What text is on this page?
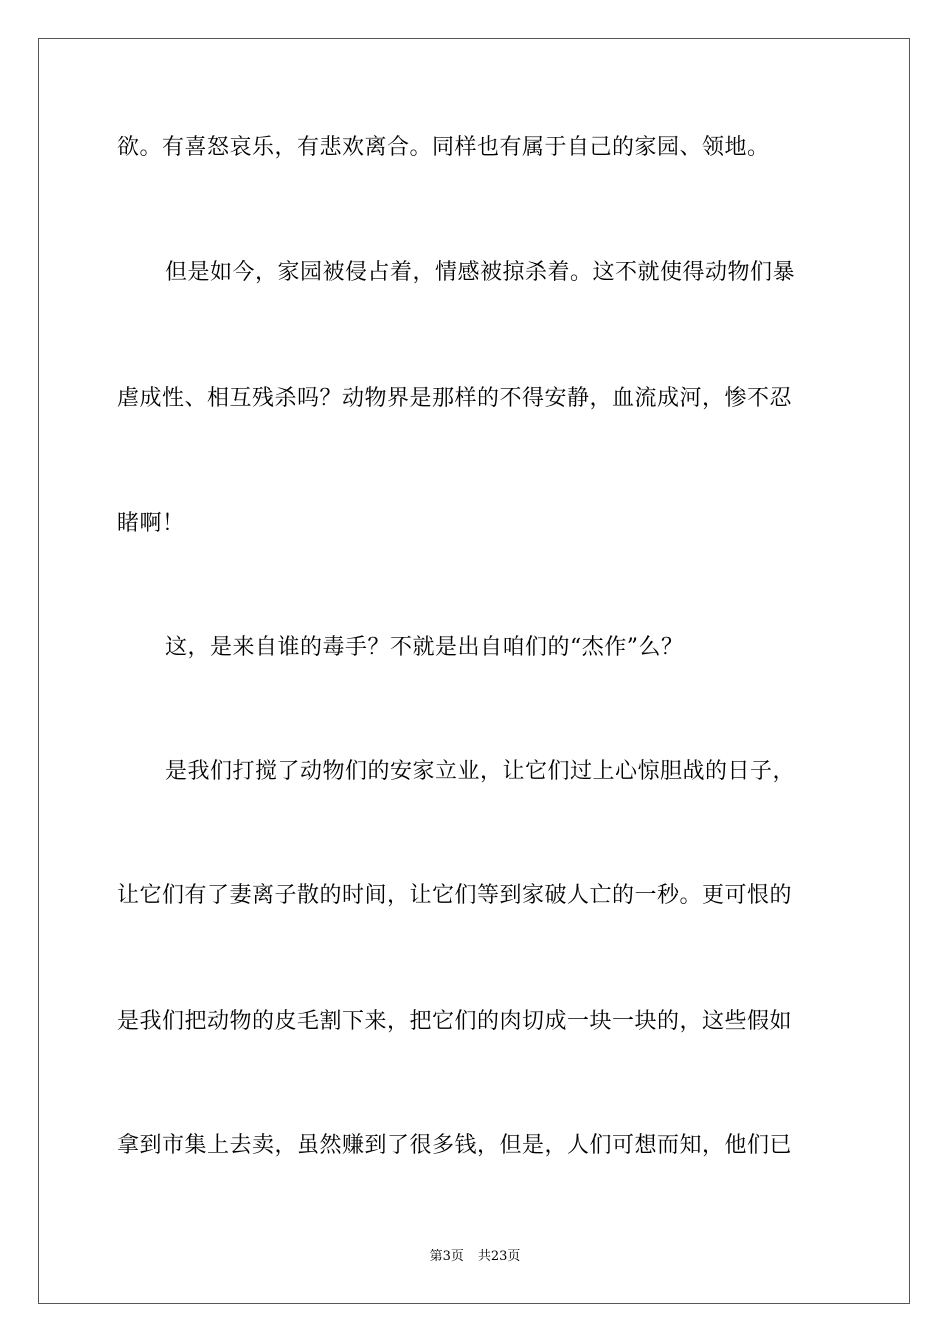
欲。有喜怒哀乐，有悲欢离合。同样也有属于自己的家园、领地。
但是如今，家园被侵占着，情感被掠杀着。这不就使得动物们暴
虐成性、相互残杀吗？动物界是那样的不得安静，血流成河，惨不忍
睹啊！
这，是来自谁的毒手？不就是出自咱们的“杰作”么？
是我们打搅了动物们的安家立业，让它们过上心惊胆战的日子，
让它们有了妻离子散的时间，让它们等到家破人亡的一秒。更可恨的
是我们把动物的皮毛割下来，把它们的肉切成一块一块的，这些假如
拿到市集上去卖，虽然赚到了很多钱，但是，人们可想而知，他们已
第3页 共23页
